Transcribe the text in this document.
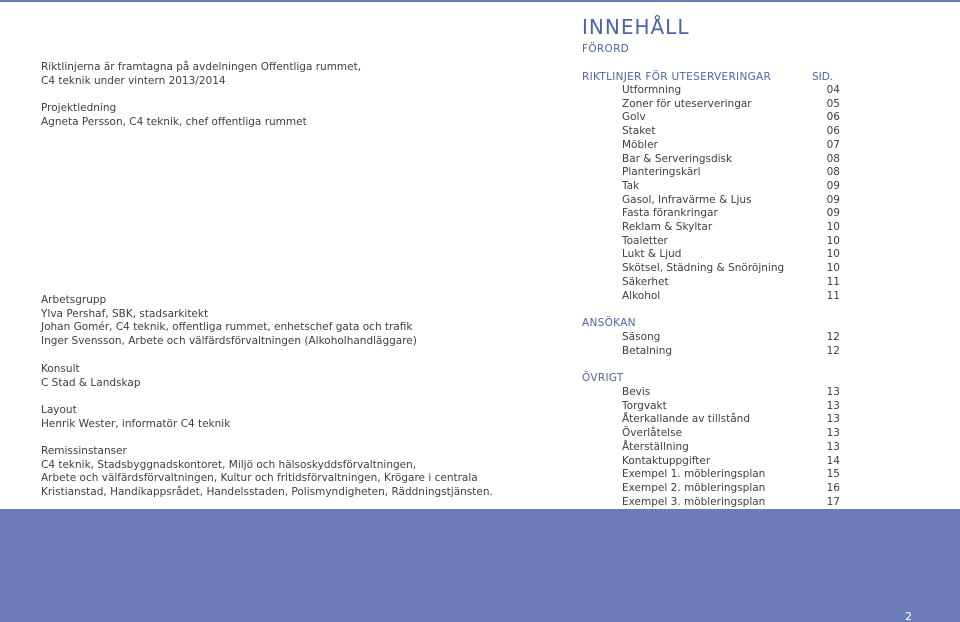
Riktlinjerna är framtagna på avdelningen Offentliga rummet,
C4 teknik under vintern 2013/2014
Projektledning
Agneta Persson, C4 teknik, chef offentliga rummet
Arbetsgrupp
Ylva Pershaf, SBK, stadsarkitekt
Johan Gomér, C4 teknik, offentliga rummet, enhetschef gata och trafik
Inger Svensson, Arbete och välfärdsförvaltningen (Alkoholhandläggare)
Konsult
C Stad & Landskap
Layout
Henrik Wester, informatör C4 teknik
Remissinstanser
C4 teknik, Stadsbyggnadskontoret, Miljö och hälsoskyddsförvaltningen,
Arbete och välfärdsförvaltningen, Kultur och fritidsförvaltningen, Krögare i centrala
Kristianstad, Handikappsrådet, Handelsstaden, Polismyndigheten, Räddningstjänsten.
INNEHÅLL
FÖRORD
RIKTLINJER FÖR UTESERVERINGAR	SID.
Utformning	04
Zoner för uteserveringar	05
Golv	06
Staket	06
Möbler	07
Bar & Serveringsdisk	08
Planteringskärl	08
Tak	09
Gasol, Infravärme & Ljus	09
Fasta förankringar	09
Reklam & Skyltar	10
Toaletter	10
Lukt & Ljud	10
Skötsel, Städning & Snöröjning	10
Säkerhet	11
Alkohol	11
ANSÖKAN
Säsong	12
Betalning	12
ÖVRIGT
Bevis	13
Torgvakt	13
Återkallande av tillstånd	13
Överlåtelse	13
Återställning	13
Kontaktuppgifter	14
Exempel 1. möbleringsplan	15
Exempel 2. möbleringsplan	16
Exempel 3. möbleringsplan	17
2
